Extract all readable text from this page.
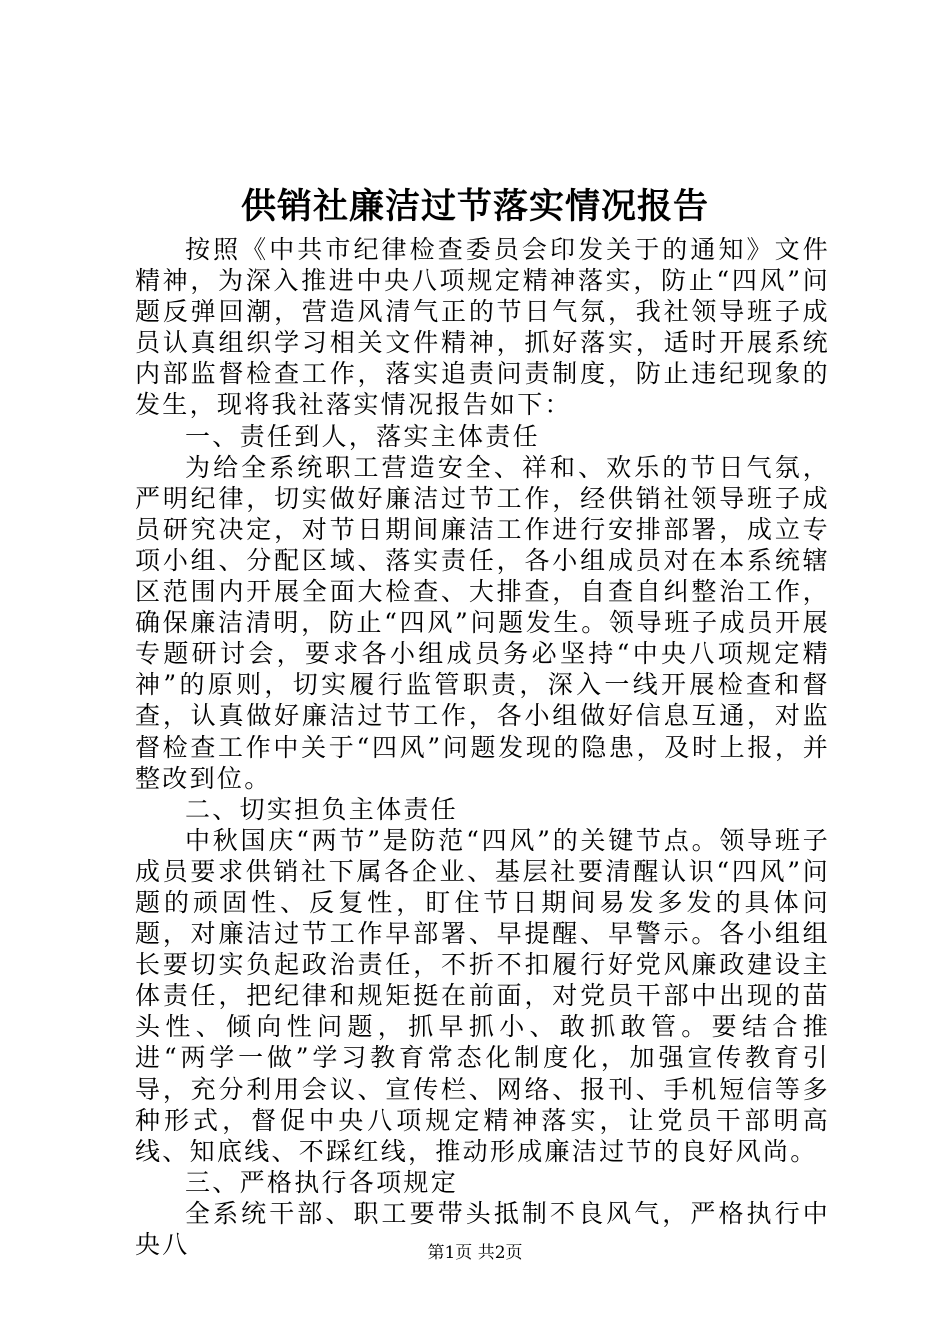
供销社廉洁过节落实情况报告

按照《中共市纪律检查委员会印发关于的通知》文件精神，为深入推进中央八项规定精神落实，防止“四风”问题反弹回潮，营造风清气正的节日气氛，我社领导班子成员认真组织学习相关文件精神，抓好落实，适时开展系统内部监督检查工作，落实追责问责制度，防止违纪现象的发生，现将我社落实情况报告如下：

一、责任到人，落实主体责任

为给全系统职工营造安全、祥和、欢乐的节日气氛，严明纪律，切实做好廉洁过节工作，经供销社领导班子成员研究决定，对节日期间廉洁工作进行安排部署，成立专项小组、分配区域、落实责任，各小组成员对在本系统辖区范围内开展全面大检查、大排查，自查自纠整治工作，确保廉洁清明，防止“四风”问题发生。领导班子成员开展专题研讨会，要求各小组成员务必坚持“中央八项规定精神”的原则，切实履行监管职责，深入一线开展检查和督查，认真做好廉洁过节工作，各小组做好信息互通，对监督检查工作中关于“四风”问题发现的隐患，及时上报，并整改到位。

二、切实担负主体责任

中秋国庆“两节”是防范“四风”的关键节点。领导班子成员要求供销社下属各企业、基层社要清醒认识“四风”问题的顽固性、反复性，盯住节日期间易发多发的具体问题，对廉洁过节工作早部署、早提醒、早警示。各小组组长要切实负起政治责任，不折不扣履行好党风廉政建设主体责任，把纪律和规矩挺在前面，对党员干部中出现的苗头性、倾向性问题，抓早抓小、敢抓敢管。要结合推进“两学一做”学习教育常态化制度化，加强宣传教育引导，充分利用会议、宣传栏、网络、报刊、手机短信等多种形式，督促中央八项规定精神落实，让党员干部明高线、知底线、不踩红线，推动形成廉洁过节的良好风尚。

三、严格执行各项规定

全系统干部、职工要带头抵制不良风气，严格执行中央八	第1页 共2页
